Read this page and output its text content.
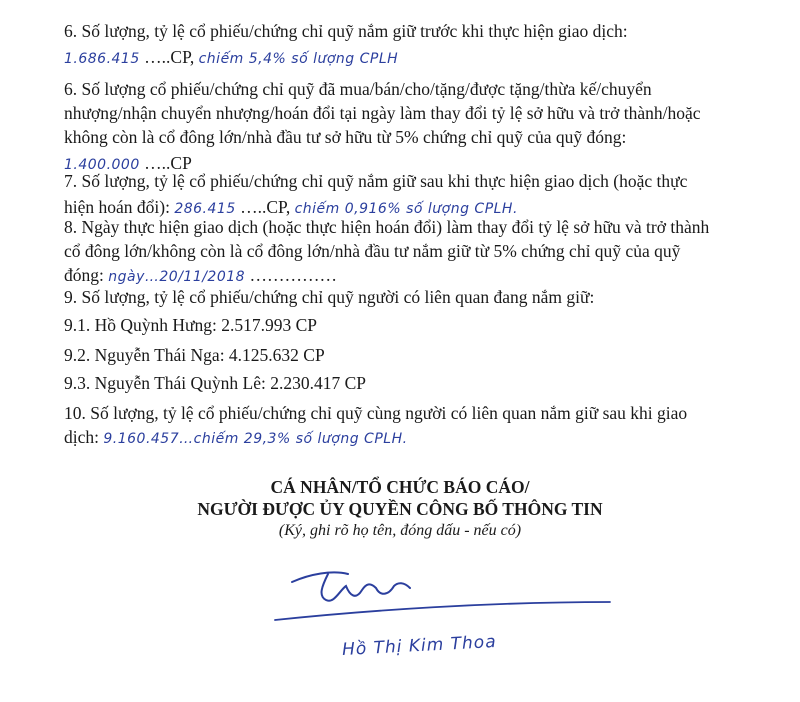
6. Số lượng, tỷ lệ cổ phiếu/chứng chỉ quỹ nắm giữ trước khi thực hiện giao dịch:
1.686.415 …..CP, chiếm 5,4% số lượng CPLH
6. Số lượng cổ phiếu/chứng chỉ quỹ đã mua/bán/cho/tặng/được tặng/thừa kế/chuyển
nhượng/nhận chuyển nhượng/hoán đổi tại ngày làm thay đổi tỷ lệ sở hữu và trở thành/hoặc
không còn là cổ đông lớn/nhà đầu tư sở hữu từ 5% chứng chỉ quỹ của quỹ đóng:
1.400.000 …..CP
7. Số lượng, tỷ lệ cổ phiếu/chứng chỉ quỹ nắm giữ sau khi thực hiện giao dịch (hoặc thực
hiện hoán đổi): 286.415 …..CP, chiếm 0,916% số lượng CPLH.
8. Ngày thực hiện giao dịch (hoặc thực hiện hoán đổi) làm thay đổi tỷ lệ sở hữu và trở thành
cổ đông lớn/không còn là cổ đông lớn/nhà đầu tư nắm giữ từ 5% chứng chỉ quỹ của quỹ
đóng: ngày…20/11/2018 ……………
9. Số lượng, tỷ lệ cổ phiếu/chứng chỉ quỹ người có liên quan đang nắm giữ:
9.1. Hồ Quỳnh Hưng: 2.517.993 CP
9.2. Nguyễn Thái Nga: 4.125.632 CP
9.3. Nguyễn Thái Quỳnh Lê: 2.230.417 CP
10. Số lượng, tỷ lệ cổ phiếu/chứng chỉ quỹ cùng người có liên quan nắm giữ sau khi giao
dịch: 9.160.457…chiếm 29,3% số lượng CPLH.
CÁ NHÂN/TỔ CHỨC BÁO CÁO/
NGƯỜI ĐƯỢC ỦY QUYỀN CÔNG BỐ THÔNG TIN
(Ký, ghi rõ họ tên, đóng dấu - nếu có)
Hồ Thị Kim Thoa
